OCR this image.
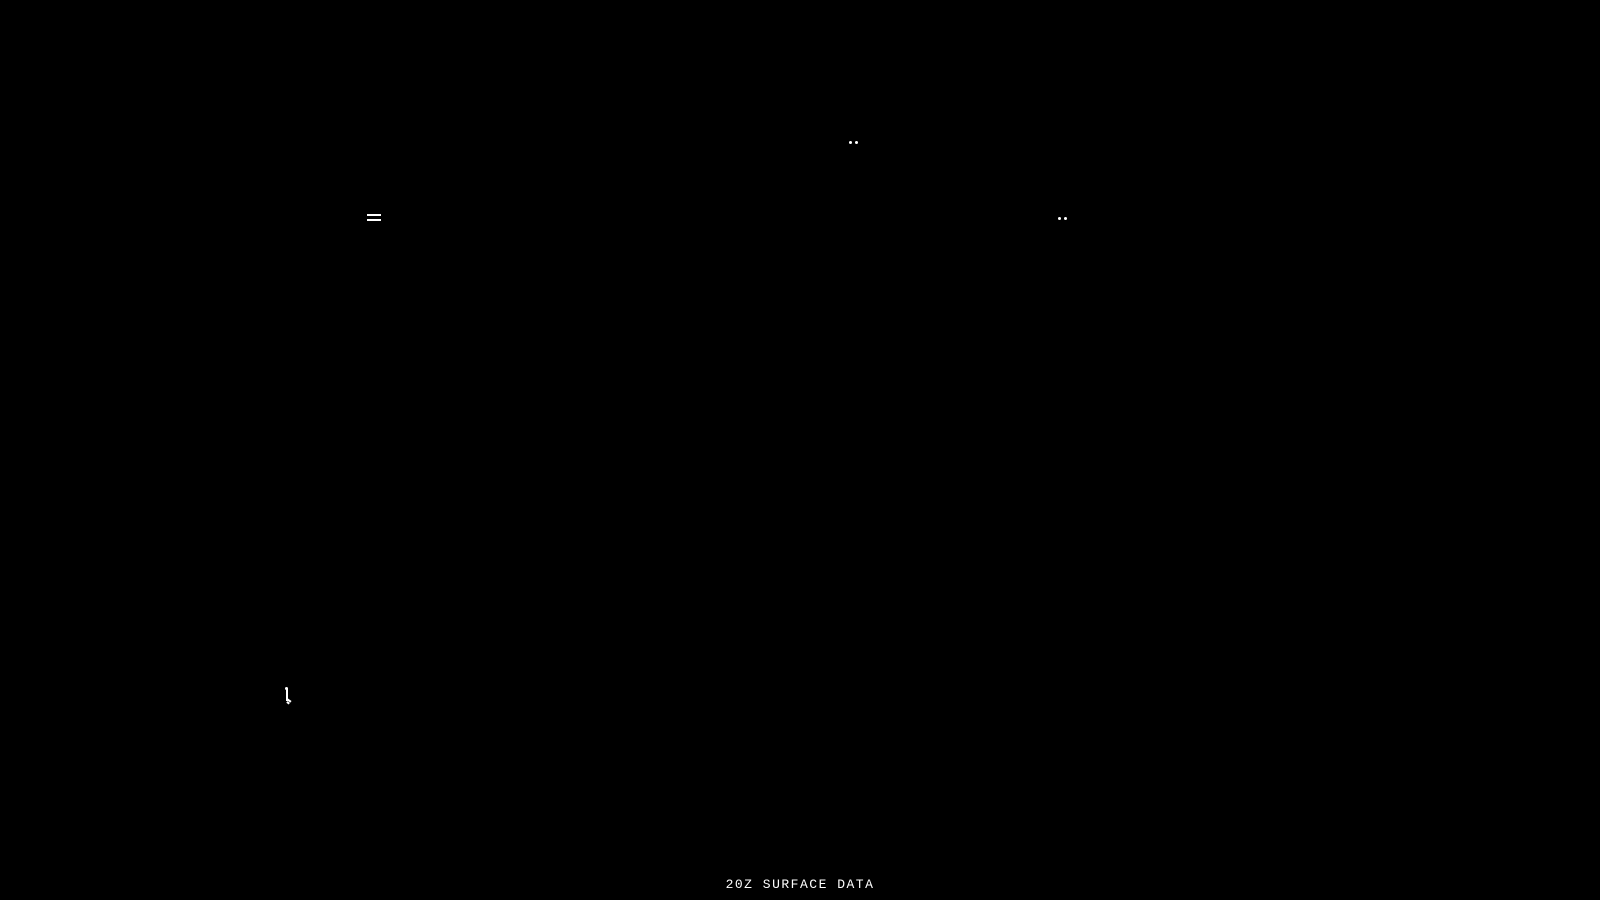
20Z SURFACE DATA
